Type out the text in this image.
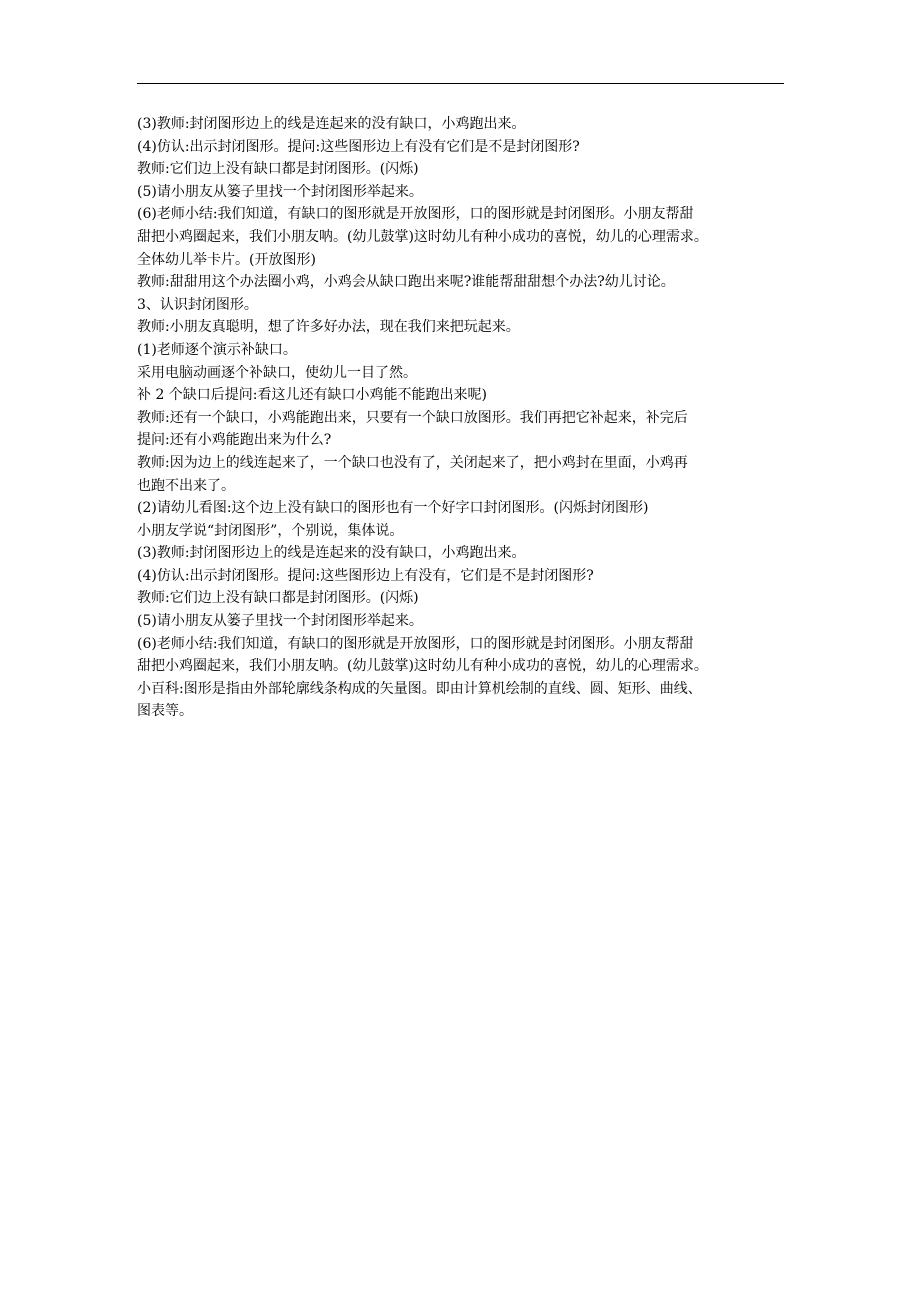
(3)教师:封闭图形边上的线是连起来的没有缺口，小鸡跑出来。
(4)仿认:出示封闭图形。提问:这些图形边上有没有它们是不是封闭图形?
教师:它们边上没有缺口都是封闭图形。(闪烁)
(5)请小朋友从篓子里找一个封闭图形举起来。
(6)老师小结:我们知道，有缺口的图形就是开放图形，口的图形就是封闭图形。小朋友帮甜
甜把小鸡圈起来，我们小朋友呐。(幼儿鼓掌)这时幼儿有种小成功的喜悦，幼儿的心理需求。
全体幼儿举卡片。(开放图形)
教师:甜甜用这个办法圈小鸡，小鸡会从缺口跑出来呢?谁能帮甜甜想个办法?幼儿讨论。
3、认识封闭图形。
教师:小朋友真聪明，想了许多好办法，现在我们来把玩起来。
(1)老师逐个演示补缺口。
采用电脑动画逐个补缺口，使幼儿一目了然。
补 2 个缺口后提问:看这儿还有缺口小鸡能不能跑出来呢)
教师:还有一个缺口，小鸡能跑出来，只要有一个缺口放图形。我们再把它补起来，补完后
提问:还有小鸡能跑出来为什么?
教师:因为边上的线连起来了，一个缺口也没有了，关闭起来了，把小鸡封在里面，小鸡再
也跑不出来了。
(2)请幼儿看图:这个边上没有缺口的图形也有一个好字口封闭图形。(闪烁封闭图形)
小朋友学说“封闭图形”，个别说，集体说。
(3)教师:封闭图形边上的线是连起来的没有缺口，小鸡跑出来。
(4)仿认:出示封闭图形。提问:这些图形边上有没有，它们是不是封闭图形?
教师:它们边上没有缺口都是封闭图形。(闪烁)
(5)请小朋友从篓子里找一个封闭图形举起来。
(6)老师小结:我们知道，有缺口的图形就是开放图形，口的图形就是封闭图形。小朋友帮甜
甜把小鸡圈起来，我们小朋友呐。(幼儿鼓掌)这时幼儿有种小成功的喜悦，幼儿的心理需求。
小百科:图形是指由外部轮廓线条构成的矢量图。即由计算机绘制的直线、圆、矩形、曲线、
图表等。
